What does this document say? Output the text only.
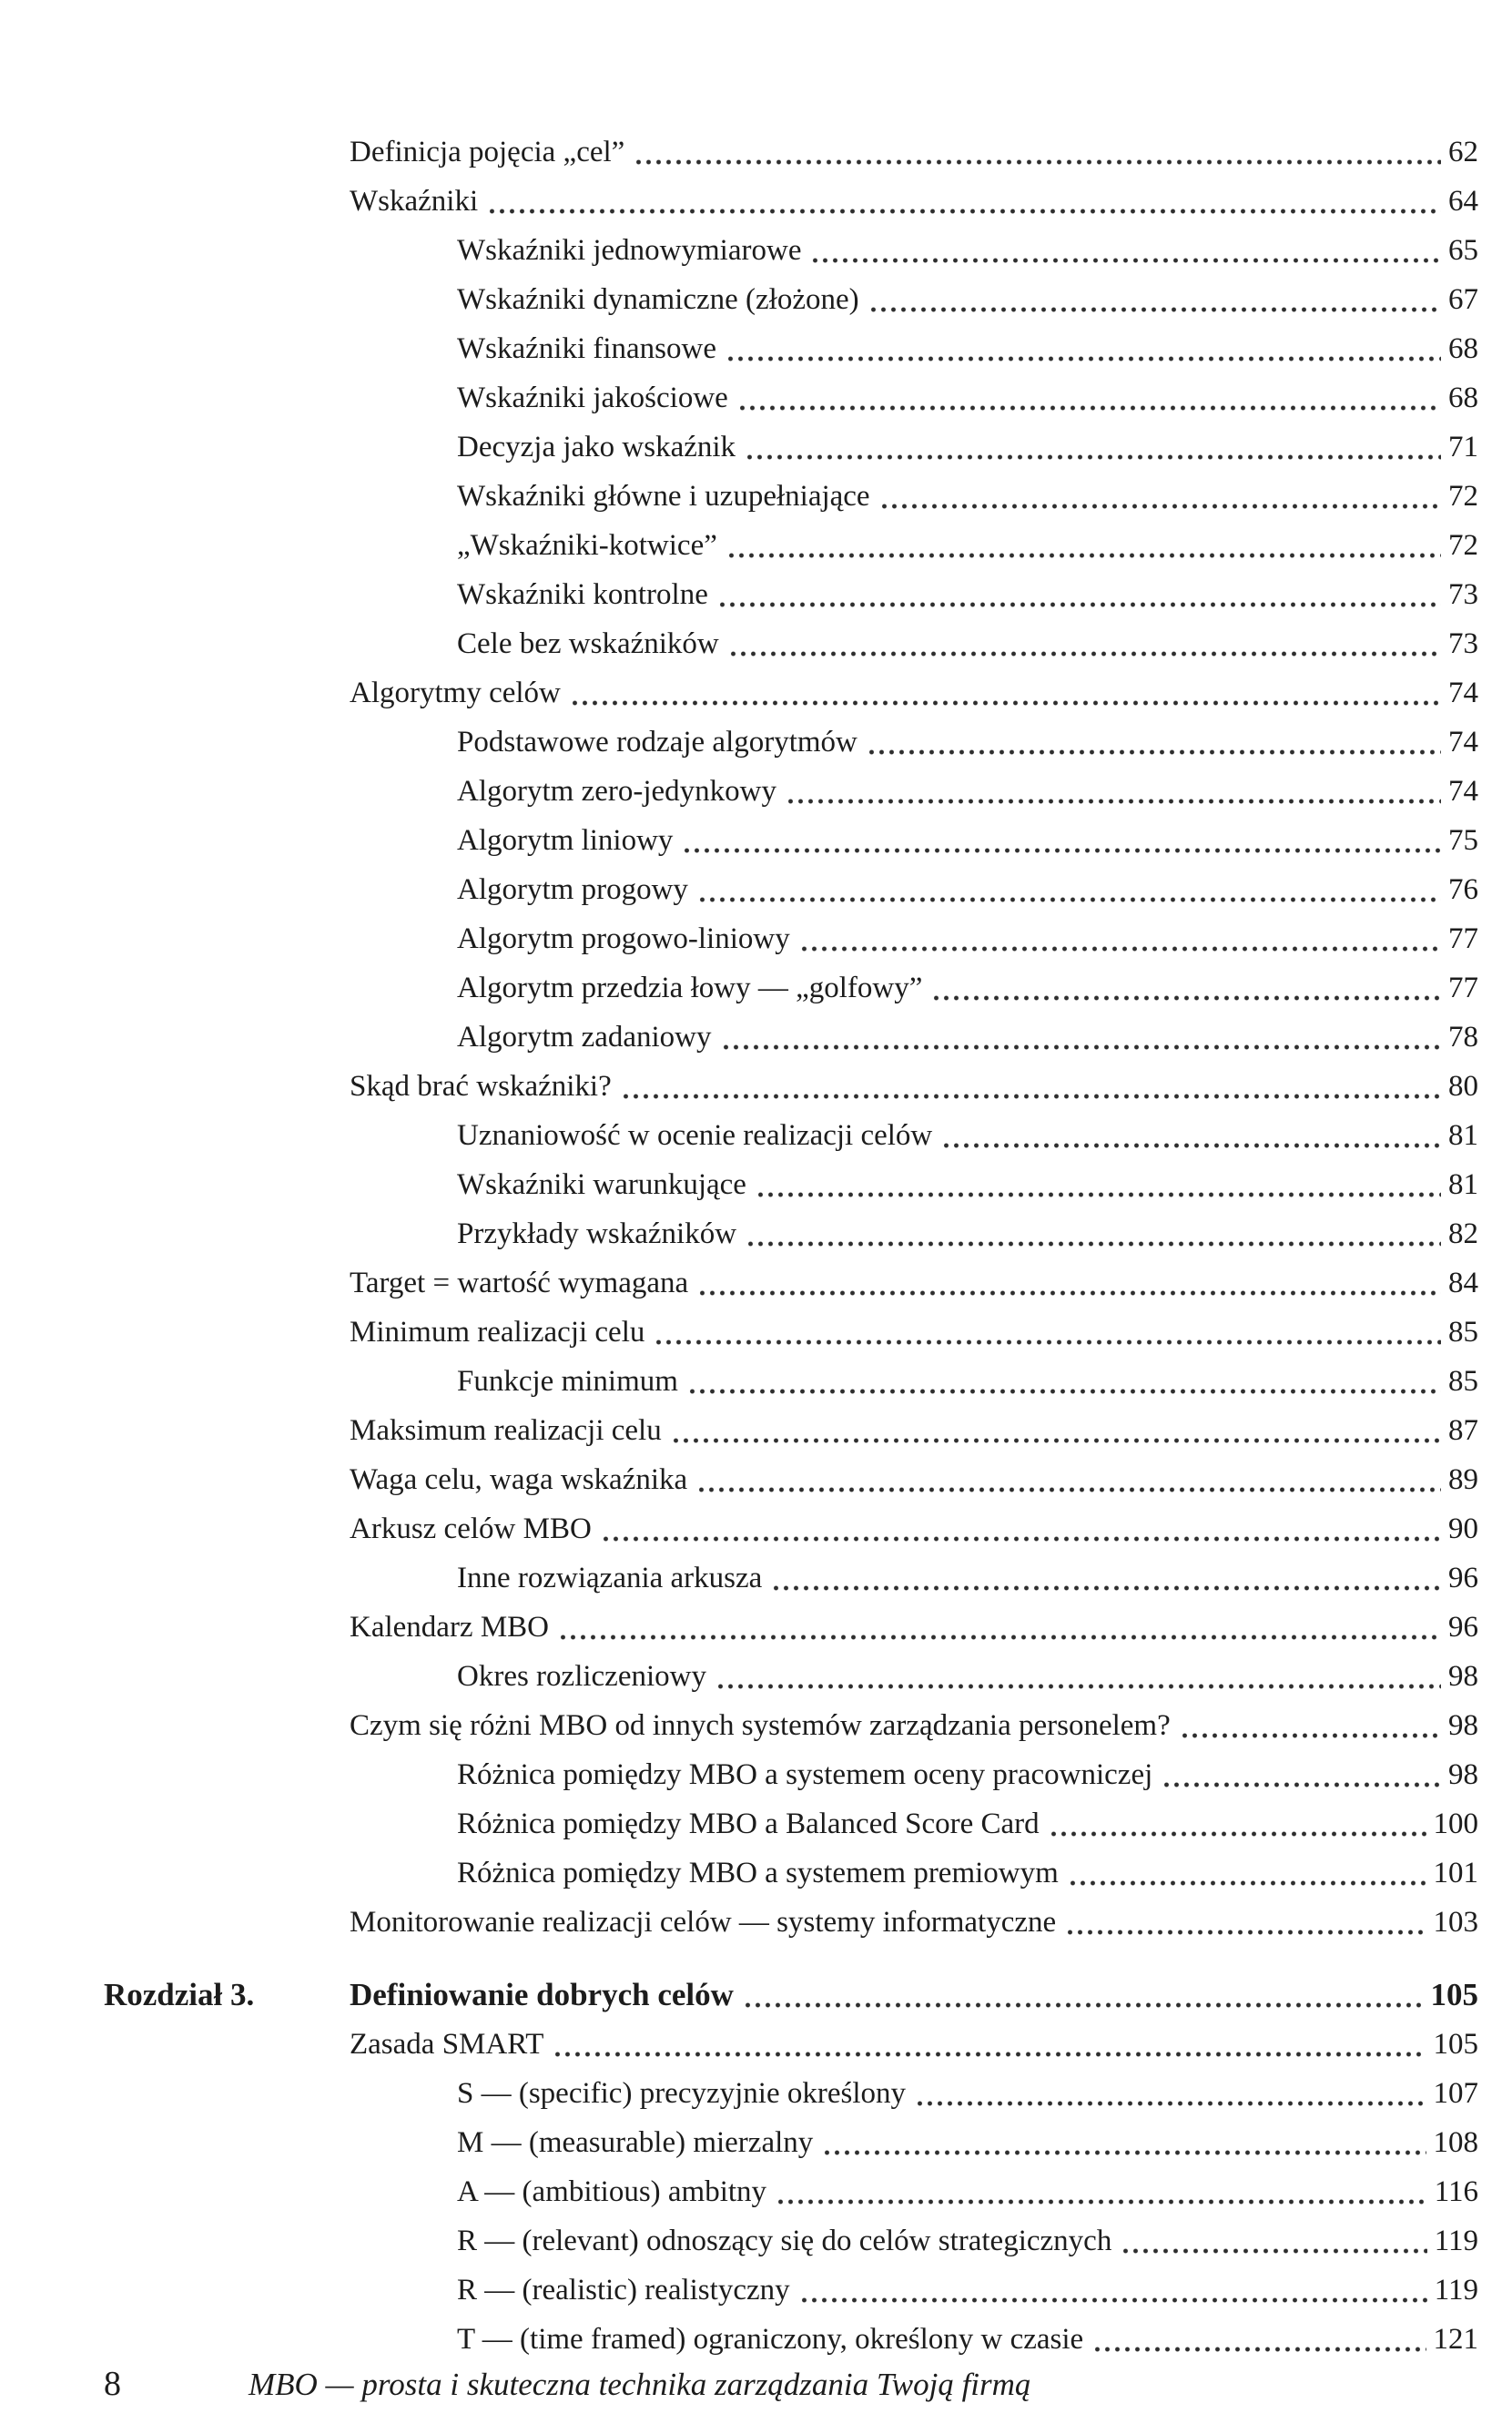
Definicja pojęcia „cel”	62
Wskaźniki	64
Wskaźniki jednowymiarowe	65
Wskaźniki dynamiczne (złożone)	67
Wskaźniki finansowe	68
Wskaźniki jakościowe	68
Decyzja jako wskaźnik	71
Wskaźniki główne i uzupełniające	72
„Wskaźniki-kotwice”	72
Wskaźniki kontrolne	73
Cele bez wskaźników	73
Algorytmy celów	74
Podstawowe rodzaje algorytmów	74
Algorytm zero-jedynkowy	74
Algorytm liniowy	75
Algorytm progowy	76
Algorytm progowo-liniowy	77
Algorytm przedzia łowy — „golfowy”	77
Algorytm zadaniowy	78
Skąd brać wskaźniki?	80
Uznaniowość w ocenie realizacji celów	81
Wskaźniki warunkujące	81
Przykłady wskaźników	82
Target = wartość wymagana	84
Minimum realizacji celu	85
Funkcje minimum	85
Maksimum realizacji celu	87
Waga celu, waga wskaźnika	89
Arkusz celów MBO	90
Inne rozwiązania arkusza	96
Kalendarz MBO	96
Okres rozliczeniowy	98
Czym się różni MBO od innych systemów zarządzania personelem?	98
Różnica pomiędzy MBO a systemem oceny pracowniczej	98
Różnica pomiędzy MBO a Balanced Score Card	100
Różnica pomiędzy MBO a systemem premiowym	101
Monitorowanie realizacji celów — systemy informatyczne	103
Rozdział 3.	Definiowanie dobrych celów	105
Zasada SMART	105
S — (specific) precyzyjnie określony	107
M — (measurable) mierzalny	108
A — (ambitious) ambitny	116
R — (relevant) odnoszący się do celów strategicznych	119
R — (realistic) realistyczny	119
T — (time framed) ograniczony, określony w czasie	121
8	MBO — prosta i skuteczna technika zarządzania Twoją firmą
